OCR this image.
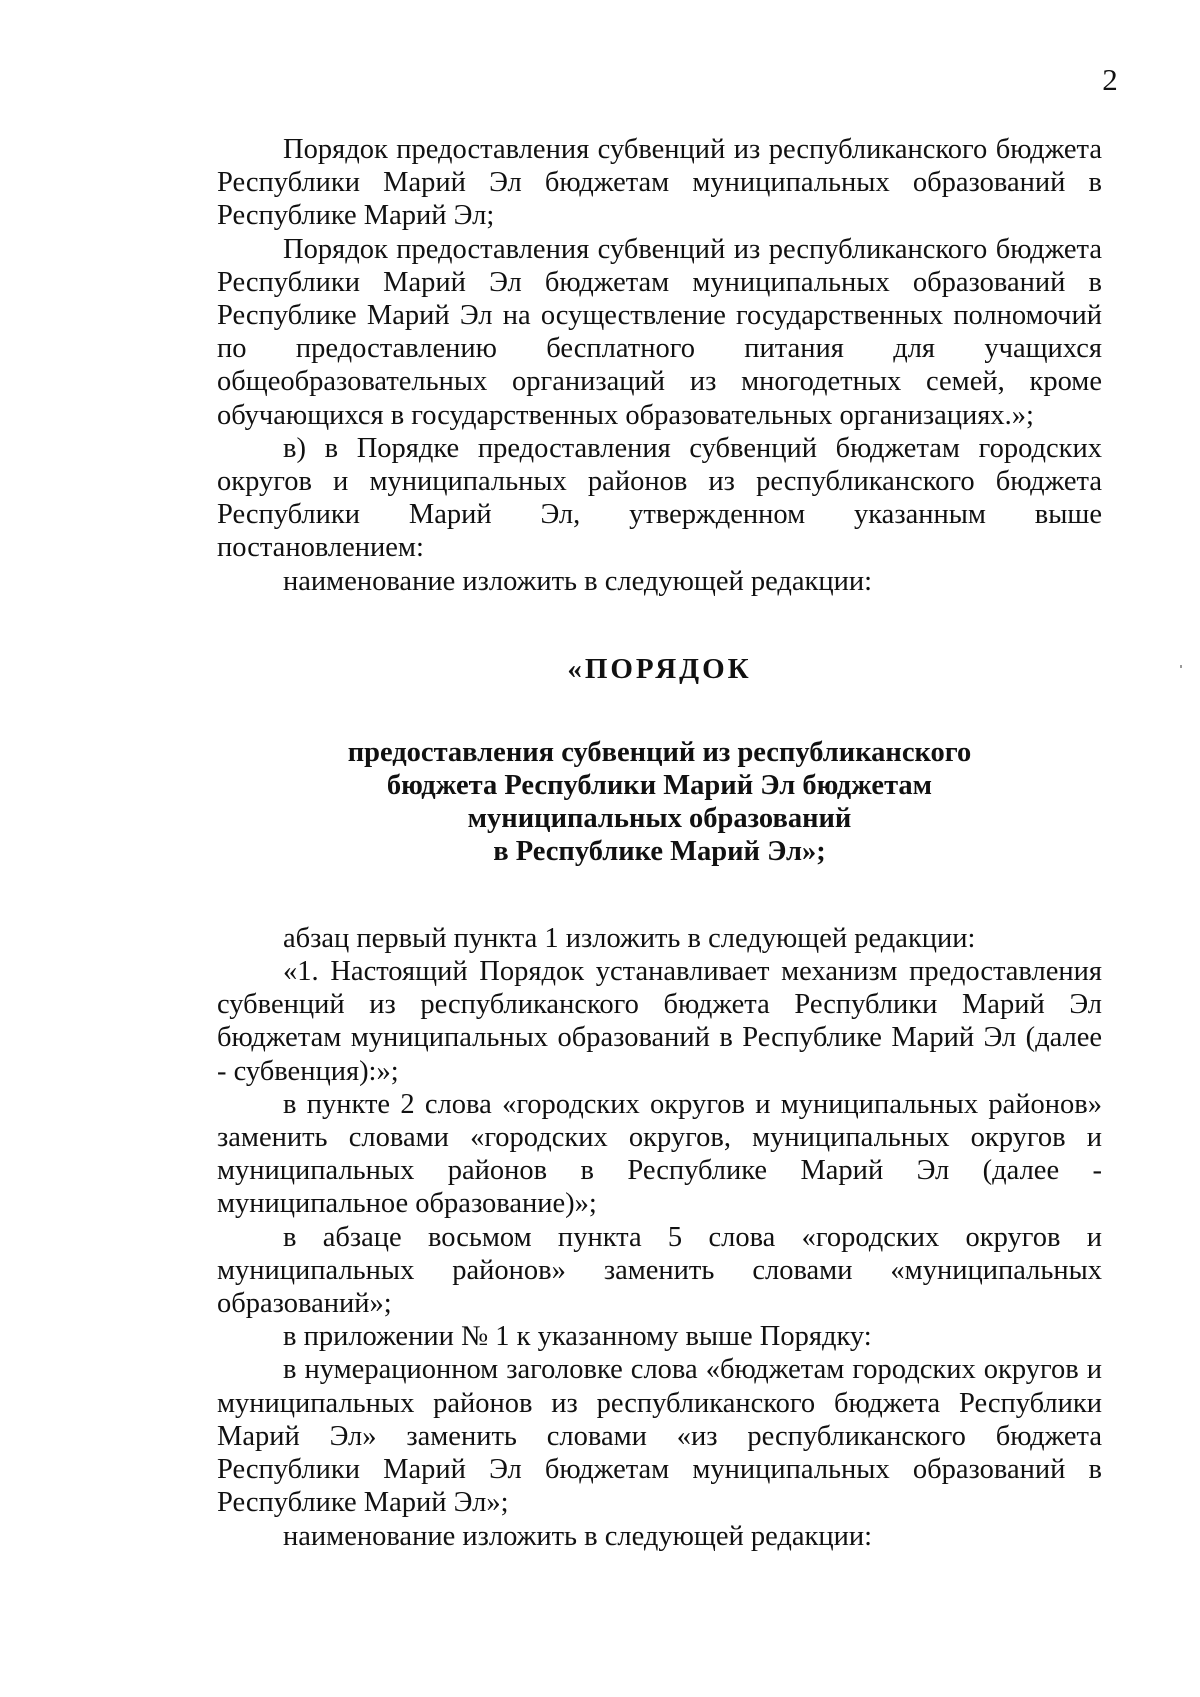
2

Порядок предоставления субвенций из республиканского бюджета Республики Марий Эл бюджетам муниципальных образований в Республике Марий Эл;

Порядок предоставления субвенций из республиканского бюджета Республики Марий Эл бюджетам муниципальных образований в Республике Марий Эл на осуществление государственных полномочий по предоставлению бесплатного питания для учащихся общеобразовательных организаций из многодетных семей, кроме обучающихся в государственных образовательных организациях.»;

в) в Порядке предоставления субвенций бюджетам городских округов и муниципальных районов из республиканского бюджета Республики Марий Эл, утвержденном указанным выше постановлением:

наименование изложить в следующей редакции:

«ПОРЯДОК
предоставления субвенций из республиканского
бюджета Республики Марий Эл бюджетам
муниципальных образований
в Республике Марий Эл»;

абзац первый пункта 1 изложить в следующей редакции:

«1. Настоящий Порядок устанавливает механизм предоставления субвенций из республиканского бюджета Республики Марий Эл бюджетам муниципальных образований в Республике Марий Эл (далее - субвенция):»;

в пункте 2 слова «городских округов и муниципальных районов» заменить словами «городских округов, муниципальных округов и муниципальных районов в Республике Марий Эл (далее - муниципальное образование)»;

в абзаце восьмом пункта 5 слова «городских округов и муниципальных районов» заменить словами «муниципальных образований»;

в приложении № 1 к указанному выше Порядку:

в нумерационном заголовке слова «бюджетам городских округов и муниципальных районов из республиканского бюджета Республики Марий Эл» заменить словами «из республиканского бюджета Республики Марий Эл бюджетам муниципальных образований в Республике Марий Эл»;

наименование изложить в следующей редакции:
